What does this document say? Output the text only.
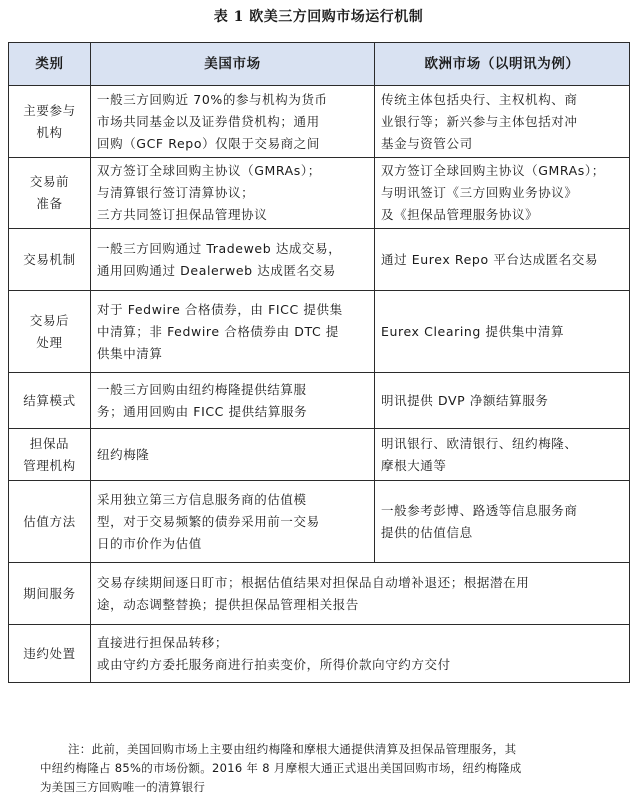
表 1 欧美三方回购市场运行机制
类别	美国市场	欧洲市场（以明讯为例）

主要参与
机构	一般三方回购近 70%的参与机构为货币
市场共同基金以及证券借贷机构；通用
回购（GCF Repo）仅限于交易商之间	传统主体包括央行、主权机构、商
业银行等；新兴参与主体包括对冲
基金与资管公司

交易前
准备	双方签订全球回购主协议（GMRAs）；
与清算银行签订清算协议；
三方共同签订担保品管理协议	双方签订全球回购主协议（GMRAs）；
与明讯签订《三方回购业务协议》
及《担保品管理服务协议》

交易机制	一般三方回购通过 Tradeweb 达成交易，
通用回购通过 Dealerweb 达成匿名交易	通过 Eurex Repo 平台达成匿名交易

交易后
处理	对于 Fedwire 合格债券，由 FICC 提供集
中清算；非 Fedwire 合格债券由 DTC 提
供集中清算	Eurex Clearing 提供集中清算

结算模式	一般三方回购由纽约梅隆提供结算服
务；通用回购由 FICC 提供结算服务	明讯提供 DVP 净额结算服务

担保品
管理机构	纽约梅隆	明讯银行、欧清银行、纽约梅隆、
摩根大通等

估值方法	采用独立第三方信息服务商的估值模
型，对于交易频繁的债券采用前一交易
日的市价作为估值	一般参考彭博、路透等信息服务商
提供的估值信息

期间服务	交易存续期间逐日盯市；根据估值结果对担保品自动增补退还；根据潜在用
途，动态调整替换；提供担保品管理相关报告	

违约处置	直接进行担保品转移；
或由守约方委托服务商进行拍卖变价，所得价款向守约方交付	
注：此前，美国回购市场上主要由纽约梅隆和摩根大通提供清算及担保品管理服务，其
中纽约梅隆占 85%的市场份额。2016 年 8 月摩根大通正式退出美国回购市场，纽约梅隆成
为美国三方回购唯一的清算银行
